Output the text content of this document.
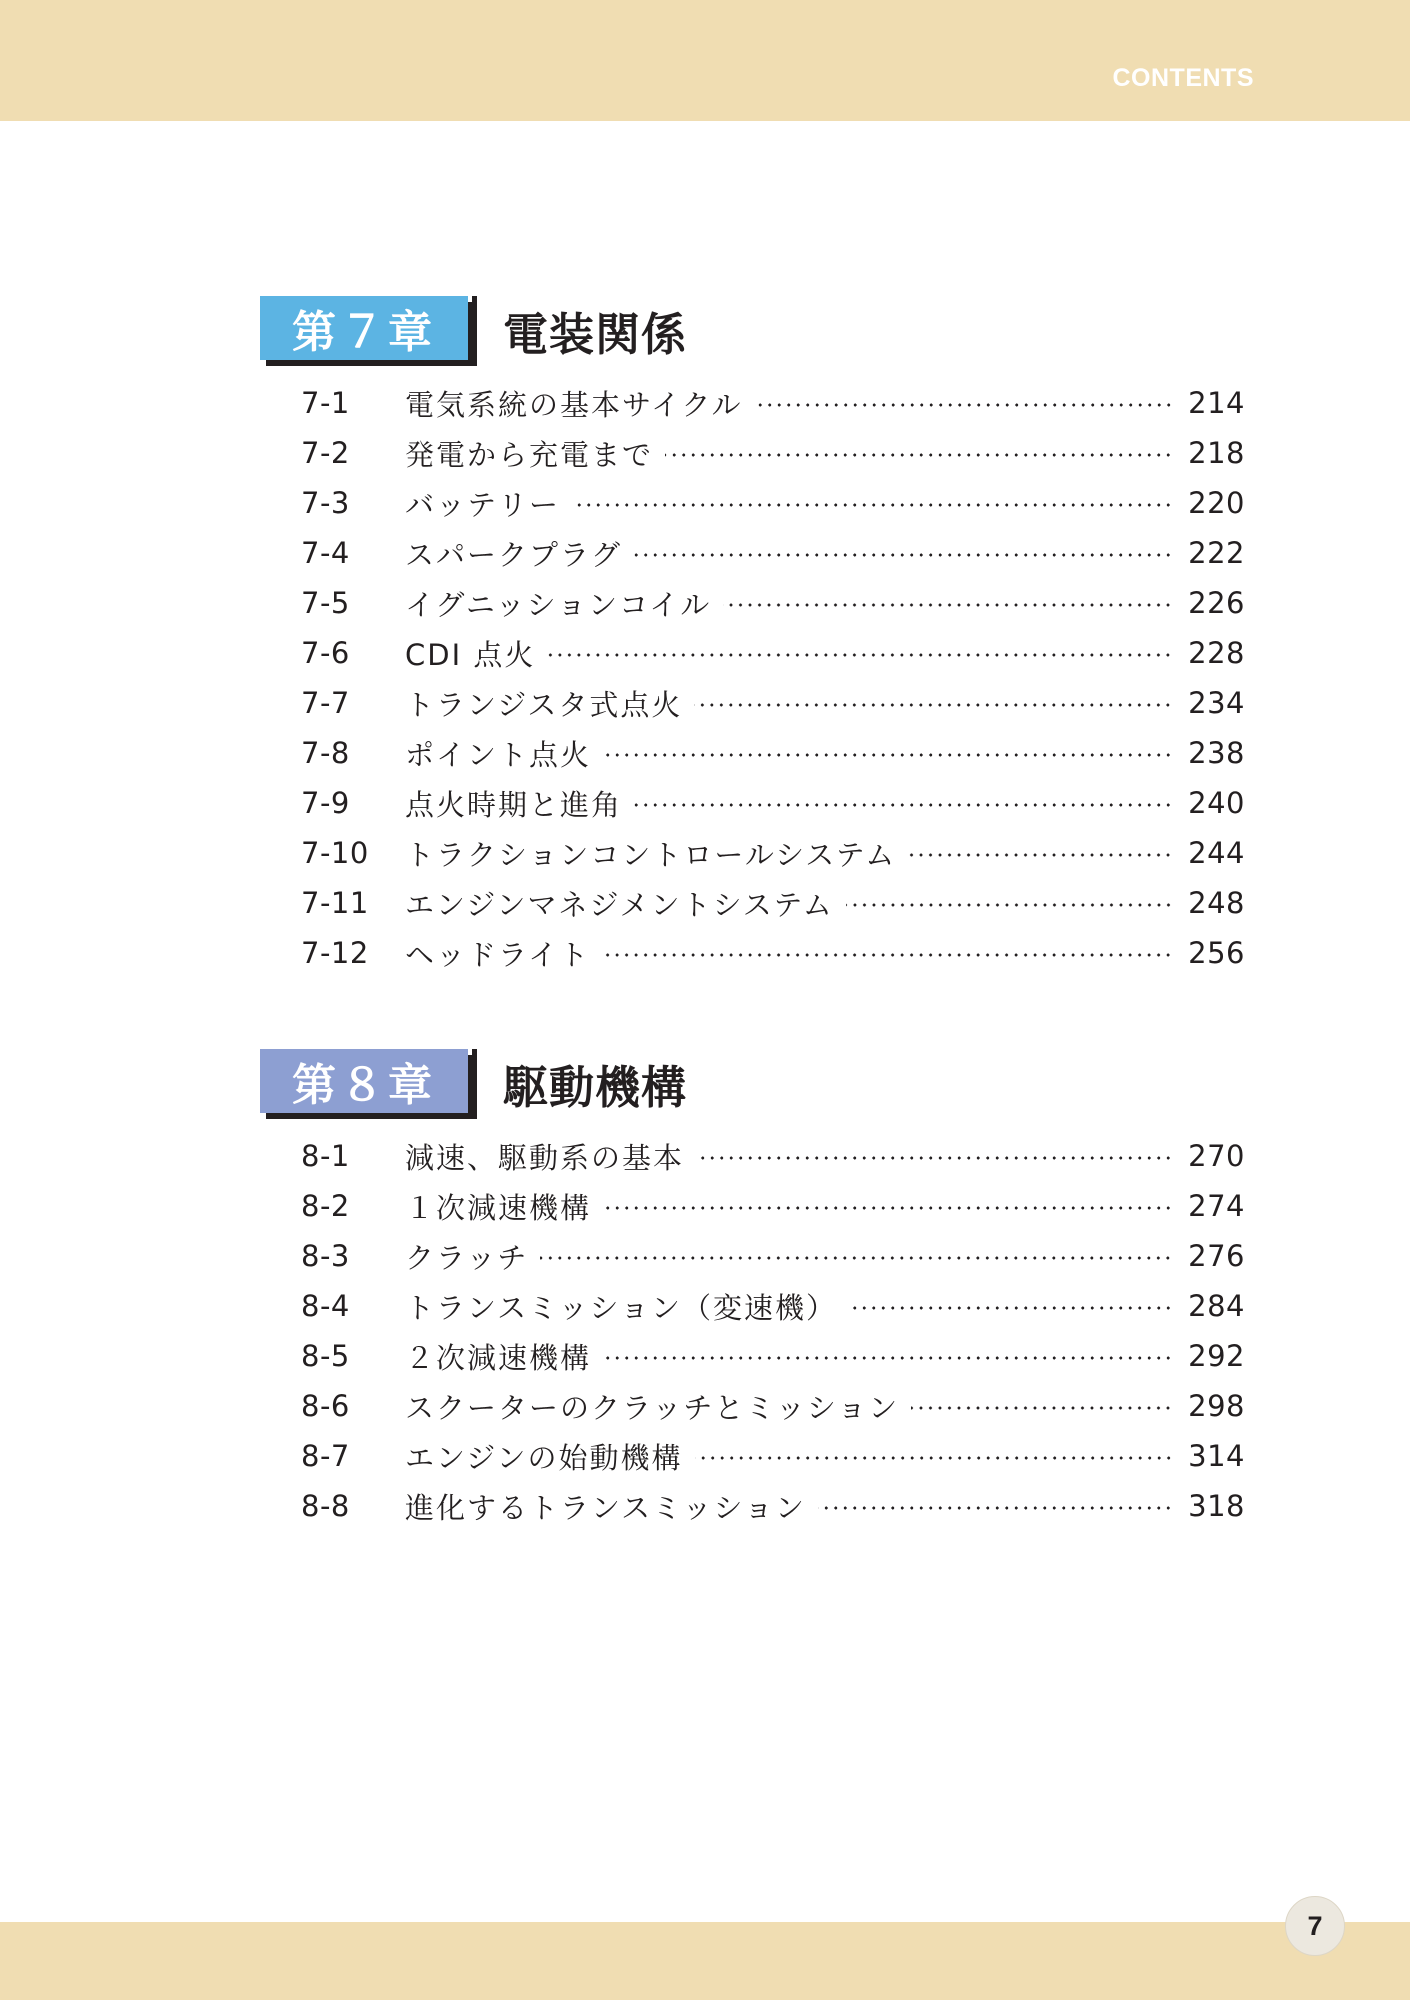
CONTENTS
第７章	電装関係
7-1	電気系統の基本サイクル	214
7-2	発電から充電まで	218
7-3	バッテリー	220
7-4	スパークプラグ	222
7-5	イグニッションコイル	226
7-6	CDI 点火	228
7-7	トランジスタ式点火	234
7-8	ポイント点火	238
7-9	点火時期と進角	240
7-10	トラクションコントロールシステム	244
7-11	エンジンマネジメントシステム	248
7-12	ヘッドライト	256
第８章	駆動機構
8-1	減速、駆動系の基本	270
8-2	１次減速機構	274
8-3	クラッチ	276
8-4	トランスミッション（変速機）	284
8-5	２次減速機構	292
8-6	スクーターのクラッチとミッション	298
8-7	エンジンの始動機構	314
8-8	進化するトランスミッション	318
7
